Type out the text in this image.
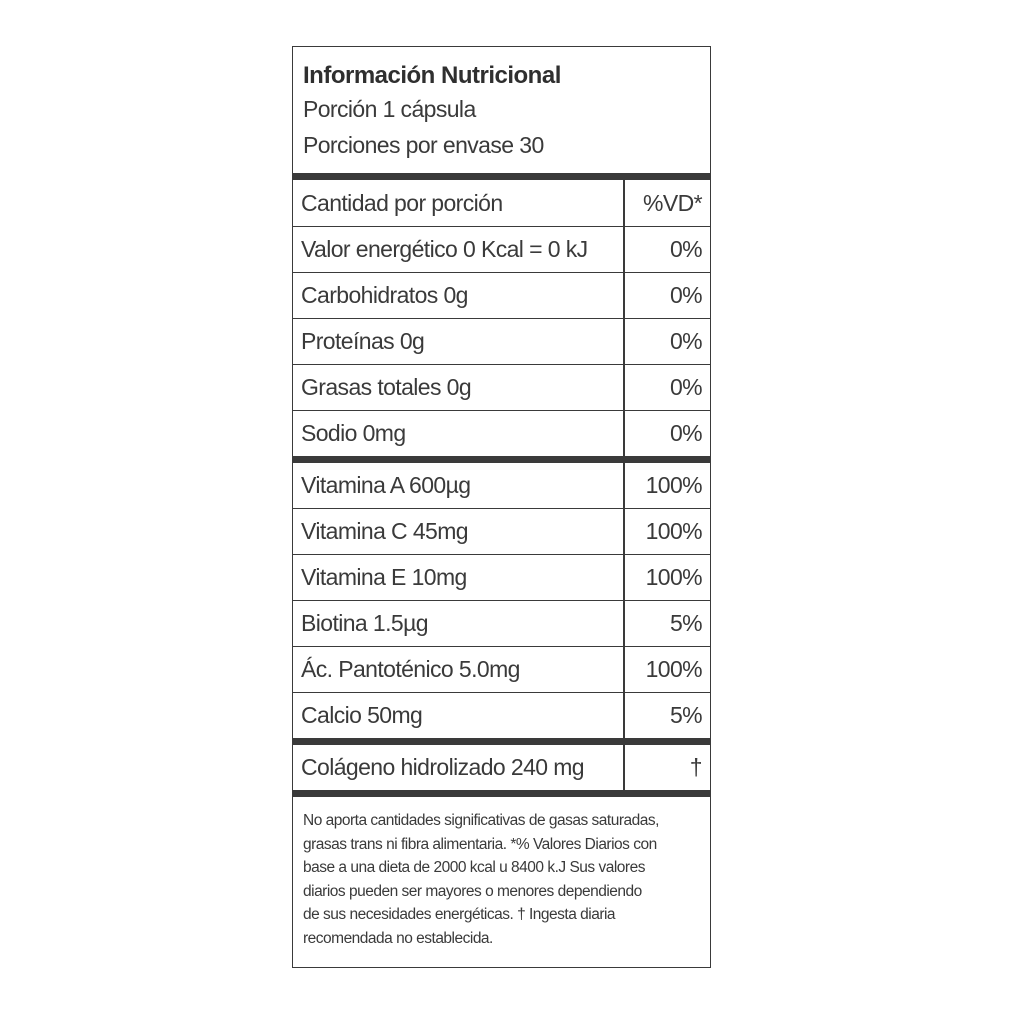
Información Nutricional
Porción 1 cápsula
Porciones por envase 30
Cantidad por porción	%VD*
Valor energético 0 Kcal = 0 kJ	0%
Carbohidratos 0g	0%
Proteínas 0g	0%
Grasas totales 0g	0%
Sodio 0mg	0%
Vitamina A 600µg	100%
Vitamina C 45mg	100%
Vitamina E 10mg	100%
Biotina 1.5µg	5%
Ác. Pantoténico 5.0mg	100%
Calcio 50mg	5%
Colágeno hidrolizado 240 mg	†
No aporta cantidades significativas de gasas saturadas,
grasas trans ni fibra alimentaria. *% Valores Diarios con
base a una dieta de 2000 kcal u 8400 k.J Sus valores
diarios pueden ser mayores o menores dependiendo
de sus necesidades energéticas. † Ingesta diaria
recomendada no establecida.
